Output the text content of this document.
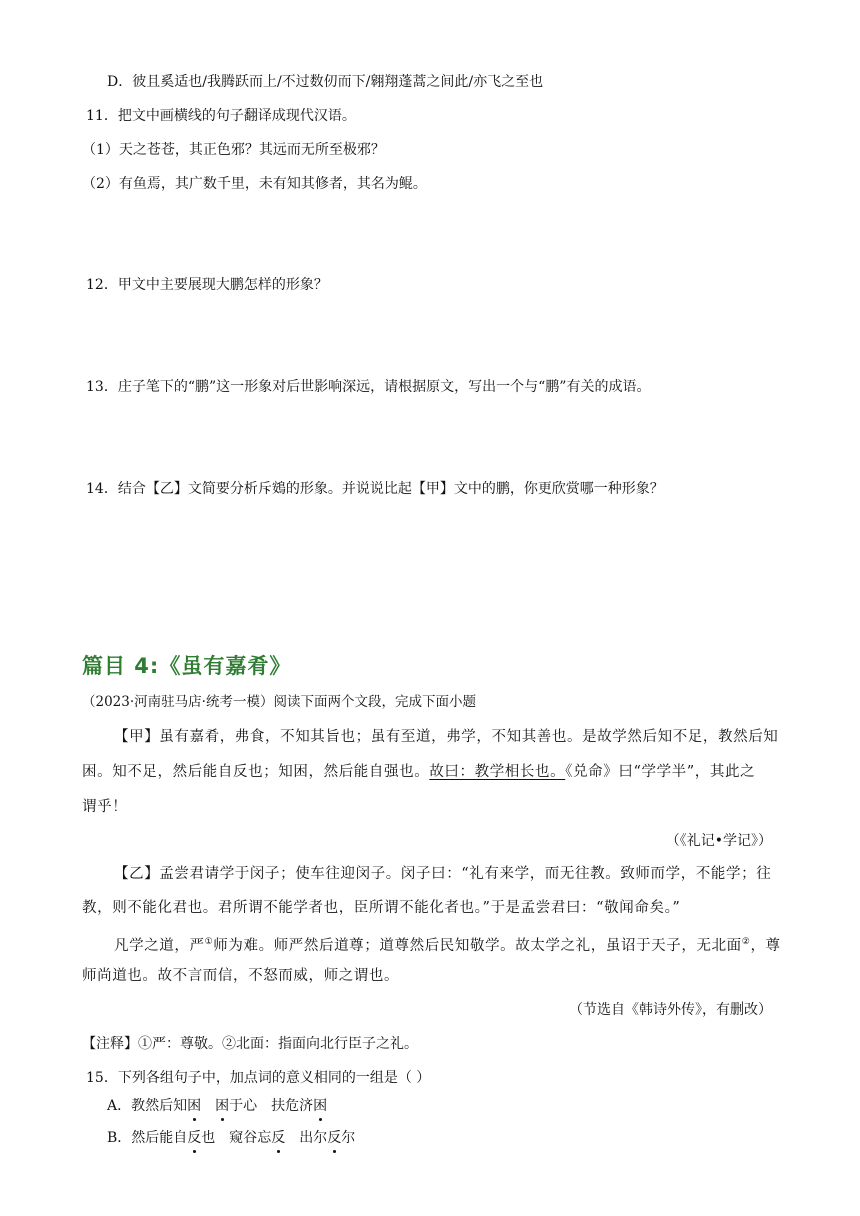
D．彼且奚适也/我腾跃而上/不过数仞而下/翱翔蓬蒿之间此/亦飞之至也
11．把文中画横线的句子翻译成现代汉语。
（1）天之苍苍，其正色邪？其远而无所至极邪？
（2）有鱼焉，其广数千里，未有知其修者，其名为鲲。
12．甲文中主要展现大鹏怎样的形象？
13．庄子笔下的“鹏”这一形象对后世影响深远，请根据原文，写出一个与“鹏”有关的成语。
14．结合【乙】文简要分析斥鴳的形象。并说说比起【甲】文中的鹏，你更欣赏哪一种形象？
篇目 4:《虽有嘉肴》
（2023·河南驻马店·统考一模）阅读下面两个文段，完成下面小题
【甲】虽有嘉肴，弗食，不知其旨也；虽有至道，弗学，不知其善也。是故学然后知不足，教然后知
困。知不足，然后能自反也；知困，然后能自强也。故曰：教学相长也。《兑命》曰“学学半”，其此之
谓乎！
（《礼记•学记》）
【乙】孟尝君请学于闵子；使车往迎闵子。闵子曰：“礼有来学，而无往教。致师而学，不能学；往
教，则不能化君也。君所谓不能学者也，臣所谓不能化者也。”于是孟尝君曰：“敬闻命矣。”
凡学之道，严①师为难。师严然后道尊；道尊然后民知敬学。故太学之礼，虽诏于天子，无北面②，尊
师尚道也。故不言而信，不怒而威，师之谓也。
（节选自《韩诗外传》，有删改）
【注释】①严：尊敬。②北面：指面向北行臣子之礼。
15．下列各组句子中，加点词的意义相同的一组是（ ）
A．教然后知困 困于心 扶危济困
B．然后能自反也 窥谷忘反 出尔反尔
